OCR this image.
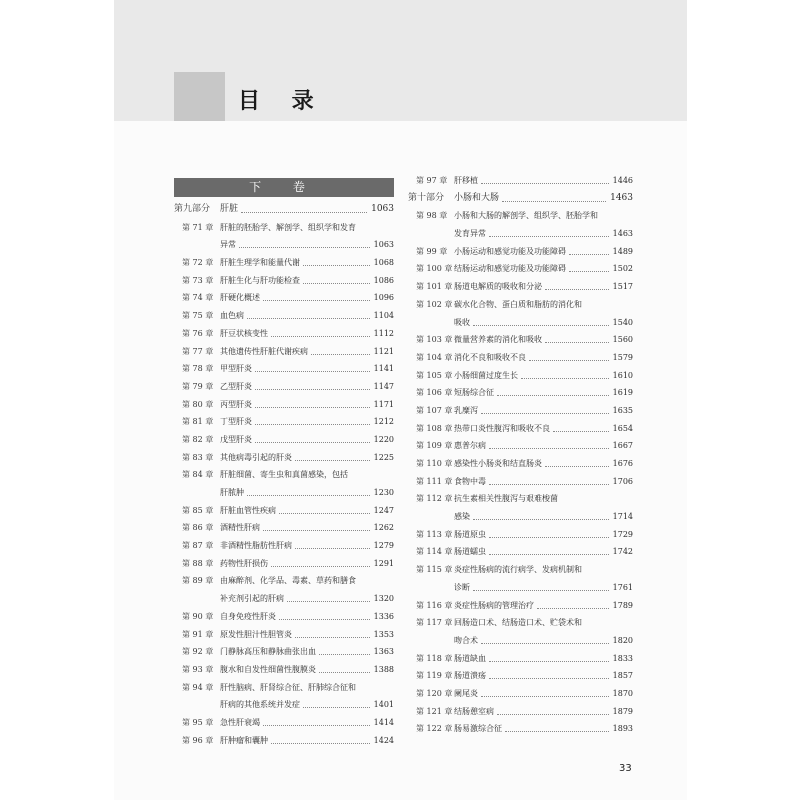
目 录
下 卷
第九部分 肝脏	1063
第 71 章 肝脏的胚胎学、解剖学、组织学和发育
异常	1063
第 72 章 肝脏生理学和能量代谢	1068
第 73 章 肝脏生化与肝功能检查	1086
第 74 章 肝硬化概述	1096
第 75 章 血色病	1104
第 76 章 肝豆状核变性	1112
第 77 章 其他遗传性肝脏代谢疾病	1121
第 78 章 甲型肝炎	1141
第 79 章 乙型肝炎	1147
第 80 章 丙型肝炎	1171
第 81 章 丁型肝炎	1212
第 82 章 戊型肝炎	1220
第 83 章 其他病毒引起的肝炎	1225
第 84 章 肝脏细菌、寄生虫和真菌感染，包括
肝脓肿	1230
第 85 章 肝脏血管性疾病	1247
第 86 章 酒精性肝病	1262
第 87 章 非酒精性脂肪性肝病	1279
第 88 章 药物性肝损伤	1291
第 89 章 由麻醉剂、化学品、毒素、草药和膳食
补充剂引起的肝病	1320
第 90 章 自身免疫性肝炎	1336
第 91 章 原发性胆汁性胆管炎	1353
第 92 章 门静脉高压和静脉曲张出血	1363
第 93 章 腹水和自发性细菌性腹膜炎	1388
第 94 章 肝性脑病、肝肾综合征、肝肺综合征和
肝病的其他系统并发症	1401
第 95 章 急性肝衰竭	1414
第 96 章 肝肿瘤和囊肿	1424
第 97 章 肝移植	1446
第十部分 小肠和大肠	1463
第 98 章 小肠和大肠的解剖学、组织学、胚胎学和
发育异常	1463
第 99 章 小肠运动和感觉功能及功能障碍	1489
第 100 章 结肠运动和感觉功能及功能障碍	1502
第 101 章 肠道电解质的吸收和分泌	1517
第 102 章 碳水化合物、蛋白质和脂肪的消化和
吸收	1540
第 103 章 微量营养素的消化和吸收	1560
第 104 章 消化不良和吸收不良	1579
第 105 章 小肠细菌过度生长	1610
第 106 章 短肠综合征	1619
第 107 章 乳糜泻	1635
第 108 章 热带口炎性腹泻和吸收不良	1654
第 109 章 惠普尔病	1667
第 110 章 感染性小肠炎和结直肠炎	1676
第 111 章 食物中毒	1706
第 112 章 抗生素相关性腹泻与艰难梭菌
感染	1714
第 113 章 肠道原虫	1729
第 114 章 肠道蠕虫	1742
第 115 章 炎症性肠病的流行病学、发病机制和
诊断	1761
第 116 章 炎症性肠病的管理治疗	1789
第 117 章 回肠造口术、结肠造口术、贮袋术和
吻合术	1820
第 118 章 肠道缺血	1833
第 119 章 肠道溃疡	1857
第 120 章 阑尾炎	1870
第 121 章 结肠憩室病	1879
第 122 章 肠易激综合征	1893
33
